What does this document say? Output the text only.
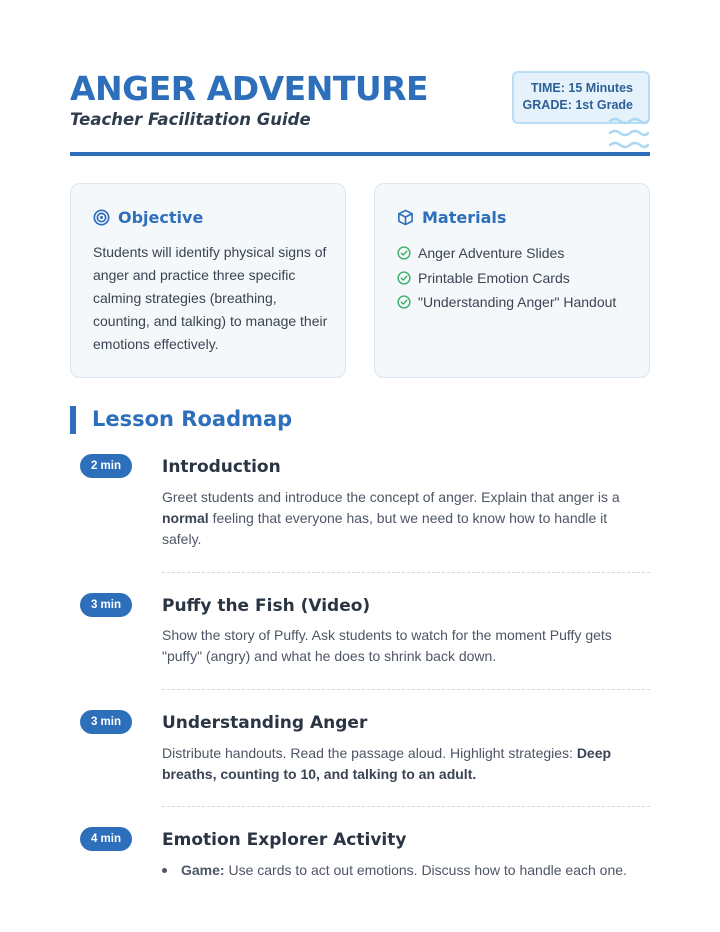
ANGER ADVENTURE
Teacher Facilitation Guide
TIME: 15 Minutes
GRADE: 1st Grade
Objective
Students will identify physical signs of anger and practice three specific calming strategies (breathing, counting, and talking) to manage their emotions effectively.
Materials
Anger Adventure Slides
Printable Emotion Cards
"Understanding Anger" Handout
Lesson Roadmap
2 min	Introduction
Greet students and introduce the concept of anger. Explain that anger is a normal feeling that everyone has, but we need to know how to handle it safely.
3 min	Puffy the Fish (Video)
Show the story of Puffy. Ask students to watch for the moment Puffy gets "puffy" (angry) and what he does to shrink back down.
3 min	Understanding Anger
Distribute handouts. Read the passage aloud. Highlight strategies: Deep breaths, counting to 10, and talking to an adult.
4 min	Emotion Explorer Activity
Game: Use cards to act out emotions. Discuss how to handle each one.
